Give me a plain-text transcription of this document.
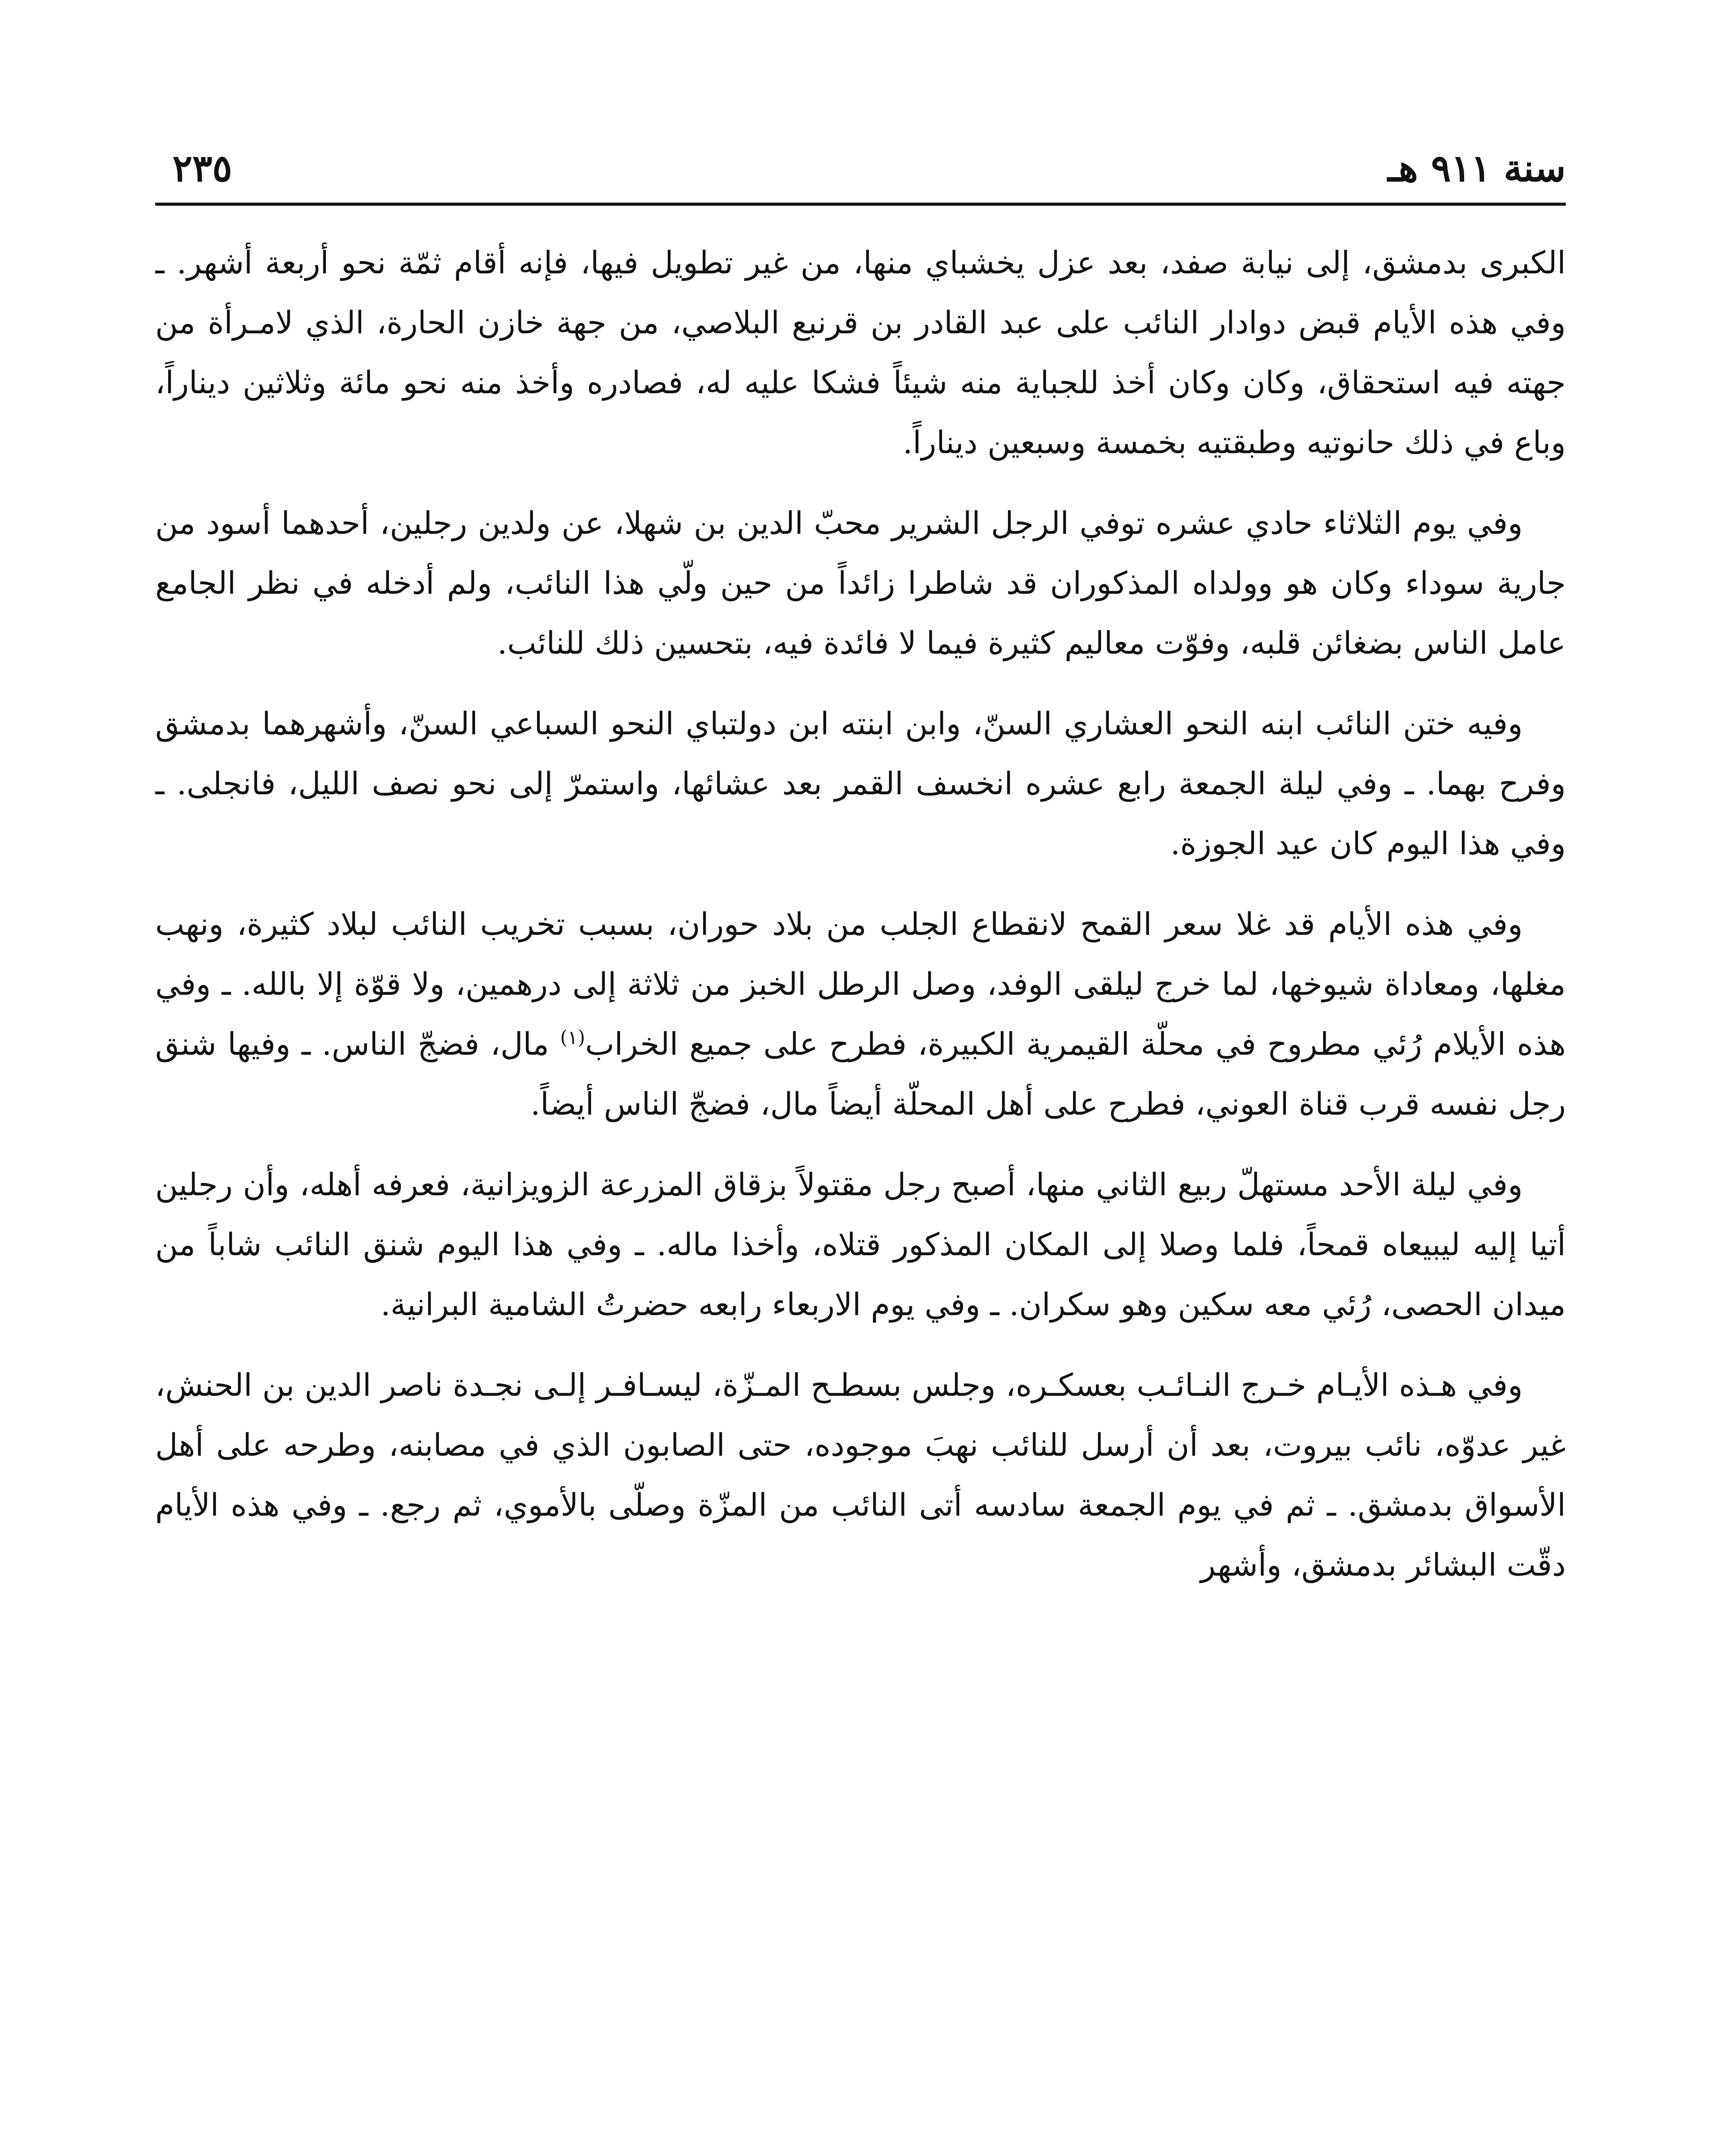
سنة ٩١١ هـ
٢٣٥

الكبرى بدمشق، إلى نيابة صفد، بعد عزل يخشباي منها، من غير تطويل فيها، فإنه أقام ثمّة نحو أربعة أشهر. ـ وفي هذه الأيام قبض دوادار النائب على عبد القادر بن قرنبع البلاصي، من جهة خازن الحارة، الذي لامـرأة من جهته فيه استحقاق، وكان وكان أخذ للجباية منه شيئاً فشكا عليه له، فصادره وأخذ منه نحو مائة وثلاثين ديناراً، وباع في ذلك حانوتيه وطبقتيه بخمسة وسبعين ديناراً.

وفي يوم الثلاثاء حادي عشره توفي الرجل الشرير محبّ الدين بن شهلا، عن ولدين رجلين، أحدهما أسود من جارية سوداء وكان هو وولداه المذكوران قد شاطرا زائداً من حين ولّي هذا النائب، ولم أدخله في نظر الجامع عامل الناس بضغائن قلبه، وفوّت معاليم كثيرة فيما لا فائدة فيه، بتحسين ذلك للنائب.

وفيه ختن النائب ابنه النحو العشاري السنّ، وابن ابنته ابن دولتباي النحو السباعي السنّ، وأشهرهما بدمشق وفرح بهما. ـ وفي ليلة الجمعة رابع عشره انخسف القمر بعد عشائها، واستمرّ إلى نحو نصف الليل، فانجلى. ـ وفي هذا اليوم كان عيد الجوزة.

وفي هذه الأيام قد غلا سعر القمح لانقطاع الجلب من بلاد حوران، بسبب تخريب النائب لبلاد كثيرة، ونهب مغلها، ومعاداة شيوخها، لما خرج ليلقى الوفد، وصل الرطل الخبز من ثلاثة إلى درهمين، ولا قوّة إلا بالله. ـ وفي هذه الأيلام رُئي مطروح في محلّة القيمرية الكبيرة، فطرح على جميع الخراب$^{(١)}$ مال، فضجّ الناس. ـ وفيها شنق رجل نفسه قرب قناة العوني، فطرح على أهل المحلّة أيضاً مال، فضجّ الناس أيضاً.

وفي ليلة الأحد مستهلّ ربيع الثاني منها، أصبح رجل مقتولاً بزقاق المزرعة الزويزانية، فعرفه أهله، وأن رجلين أتيا إليه ليبيعاه قمحاً، فلما وصلا إلى المكان المذكور قتلاه، وأخذا ماله. ـ وفي هذا اليوم شنق النائب شاباً من ميدان الحصى، رُئي معه سكين وهو سكران. ـ وفي يوم الاربعاء رابعه حضرتُ الشامية البرانية.

وفي هـذه الأيـام خـرج النـائـب بعسكـره، وجلس بسطـح المـزّة، ليسـافـر إلـى نجـدة ناصر الدين بن الحنش، غير عدوّه، نائب بيروت، بعد أن أرسل للنائب نهبَ موجوده، حتى الصابون الذي في مصابنه، وطرحه على أهل الأسواق بدمشق. ـ ثم في يوم الجمعة سادسه أتى النائب من المزّة وصلّى بالأموي، ثم رجع. ـ وفي هذه الأيام دقّت البشائر بدمشق، وأشهر
